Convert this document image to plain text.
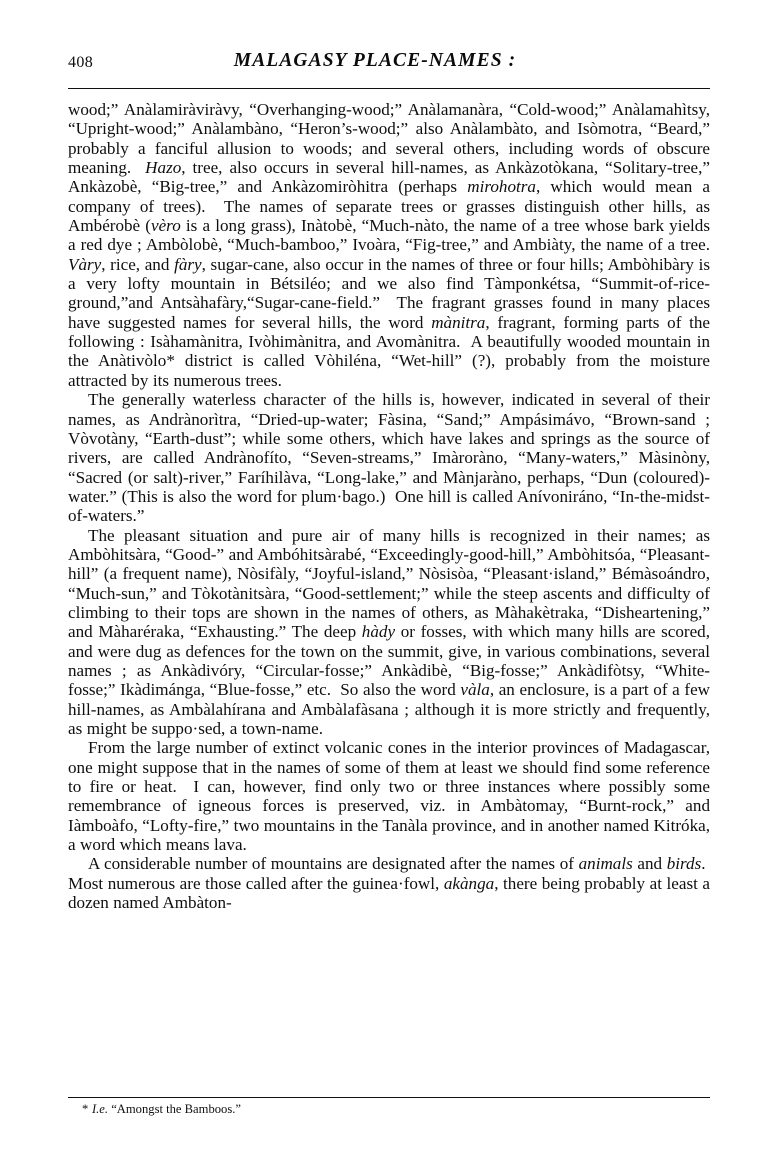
408	MALAGASY PLACE-NAMES :

wood;” Anàlamiràviràvy, “Overhanging-wood;” Anàlamanàra, “Cold-wood;” Anàlamahìtsy, “Upright-wood;” Anàlambàno, “Heron’s-wood;” also Anàlambàto, and Isòmotra, “Beard,” probably a fanciful allusion to woods; and several others, including words of obscure meaning.  Hazo, tree, also occurs in several hill-names, as Ankàzotòkana, “Solitary-tree,” Ankàzobè, “Big-tree,” and Ankàzomiròhitra (perhaps mirohotra, which would mean a company of trees).  The names of separate trees or grasses distinguish other hills, as Ambérobè (vèro is a long grass), Inàtobè, “Much-nàto, the name of a tree whose bark yields a red dye ; Ambòlobè, “Much-bamboo,” Ivoàra, “Fig-tree,” and Ambiàty, the name of a tree. Vàry, rice, and fàry, sugar-cane, also occur in the names of three or four hills; Ambòhibàry is a very lofty mountain in Bétsiléo; and we also find Tàmponkétsa, “Summit-of-rice-ground,”and Antsàhafàry,“Sugar-cane-field.”  The fragrant grasses found in many places have suggested names for several hills, the word mànitra, fragrant, forming parts of the following : Isàhamànitra, Ivòhimànitra, and Avomànitra.  A beautifully wooded mountain in the Anàtivòlo* district is called Vòhiléna, “Wet-hill” (?), probably from the moisture attracted by its numerous trees.

The generally waterless character of the hills is, however, indicated in several of their names, as Andrànorìtra, “Dried-up-water; Fàsina, “Sand;” Ampásimávo, “Brown-sand ; Vòvotàny, “Earth-dust”; while some others, which have lakes and springs as the source of rivers, are called Andrànofíto, “Seven-streams,” Imàroràno, “Many-waters,” Màsinòny, “Sacred (or salt)-river,” Faríhilàva, “Long-lake,” and Mànjaràno, perhaps, “Dun (coloured)-water.” (This is also the word for plum·bago.)  One hill is called Anívoniráno, “In-the-midst-of-waters.”

The pleasant situation and pure air of many hills is recognized in their names; as Ambòhitsàra, “Good-” and Ambóhitsàrabé, “Exceedingly-good-hill,” Ambòhitsóa, “Pleasant-hill” (a frequent name), Nòsifàly, “Joyful-island,” Nòsisòa, “Pleasant·island,” Bémàsoándro, “Much-sun,” and Tòkotànitsàra, “Good-settlement;” while the steep ascents and difficulty of climbing to their tops are shown in the names of others, as Màhakètraka, “Disheartening,” and Màharéraka, “Exhausting.” The deep hàdy or fosses, with which many hills are scored, and were dug as defences for the town on the summit, give, in various combinations, several names ; as Ankàdivóry, “Circular-fosse;” Ankàdibè, “Big-fosse;” Ankàdifòtsy, “White-fosse;” Ikàdimánga, “Blue-fosse,” etc.  So also the word vàla, an enclosure, is a part of a few hill-names, as Ambàlahírana and Ambàlafàsana ; although it is more strictly and frequently, as might be suppo·sed, a town-name.

From the large number of extinct volcanic cones in the interior provinces of Madagascar, one might suppose that in the names of some of them at least we should find some reference to fire or heat.  I can, however, find only two or three instances where possibly some remembrance of igneous forces is preserved, viz. in Ambàtomay, “Burnt-rock,” and Iàmboàfo, “Lofty-fire,” two mountains in the Tanàla province, and in another named Kitróka, a word which means lava.

A considerable number of mountains are designated after the names of animals and birds.  Most numerous are those called after the guinea·fowl, akànga, there being probably at least a dozen named Ambàton-

* I.e. “Amongst the Bamboos.”
